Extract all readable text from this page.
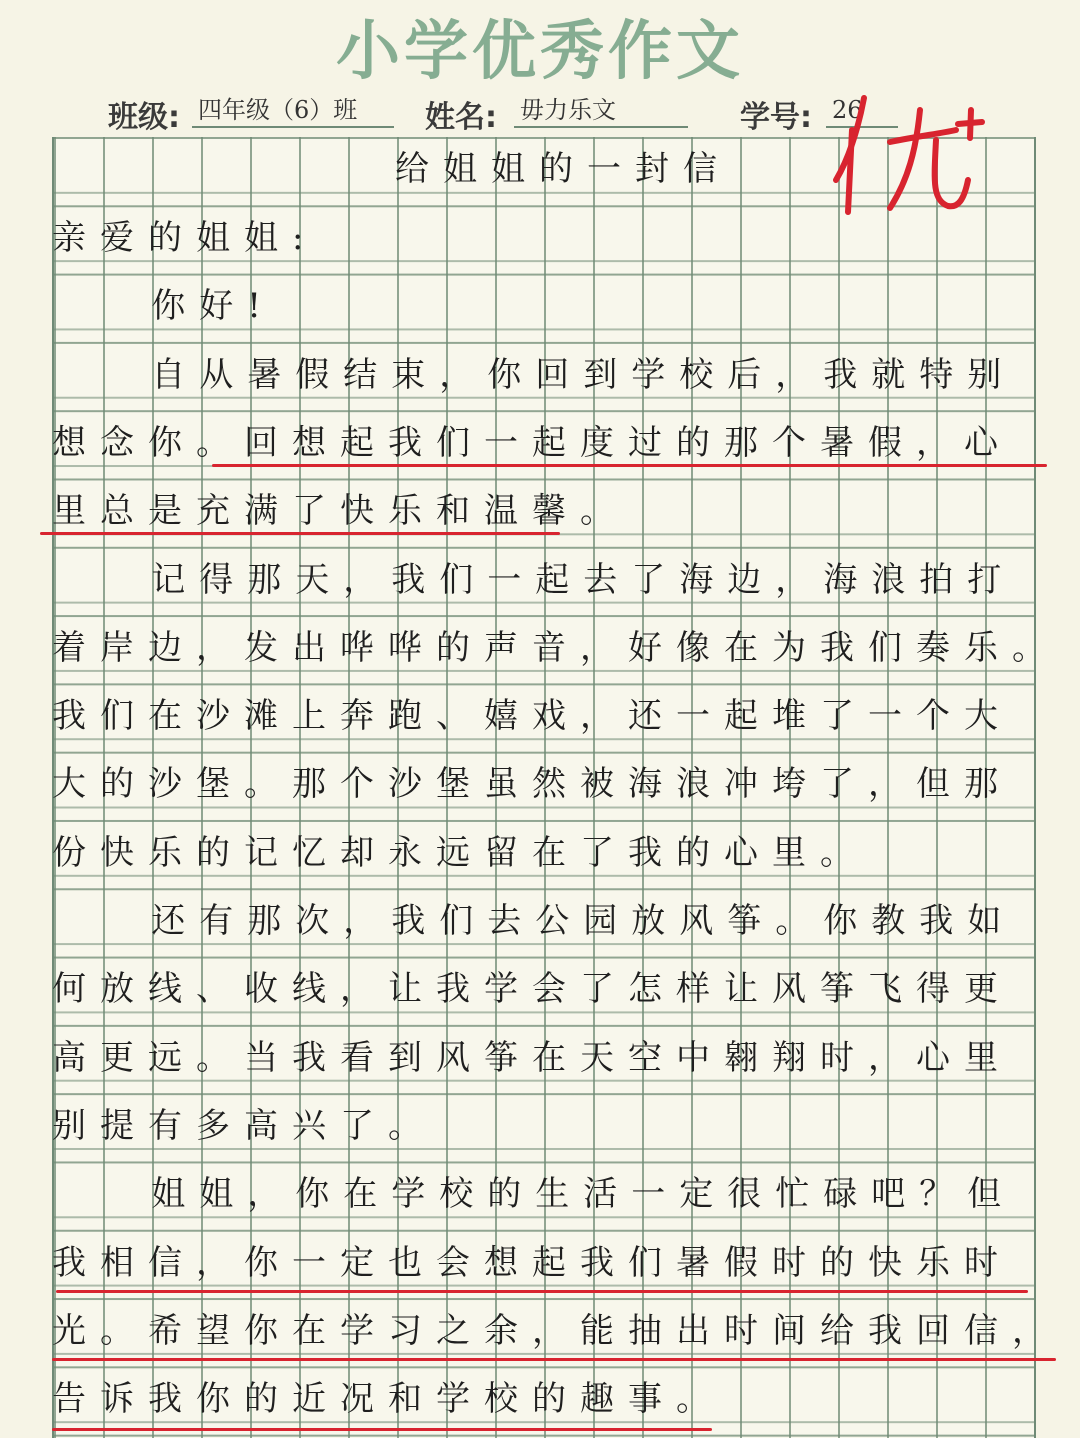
小学优秀作文
班级: 四年级（6）班	姓名: 毋力乐文	学号: 26
给姐姐的一封信
亲爱的姐姐:
你好!
自从暑假结束，你回到学校后，我就特别
想念你。回想起我们一起度过的那个暑假，心
里总是充满了快乐和温馨。
记得那天，我们一起去了海边，海浪拍打
着岸边，发出哗哗的声音，好像在为我们奏乐。
我们在沙滩上奔跑、嬉戏，还一起堆了一个大
大的沙堡。那个沙堡虽然被海浪冲垮了，但那
份快乐的记忆却永远留在了我的心里。
还有那次，我们去公园放风筝。你教我如
何放线、收线，让我学会了怎样让风筝飞得更
高更远。当我看到风筝在天空中翱翔时，心里
别提有多高兴了。
姐姐，你在学校的生活一定很忙碌吧？但
我相信，你一定也会想起我们暑假时的快乐时
光。希望你在学习之余，能抽出时间给我回信，
告诉我你的近况和学校的趣事。
